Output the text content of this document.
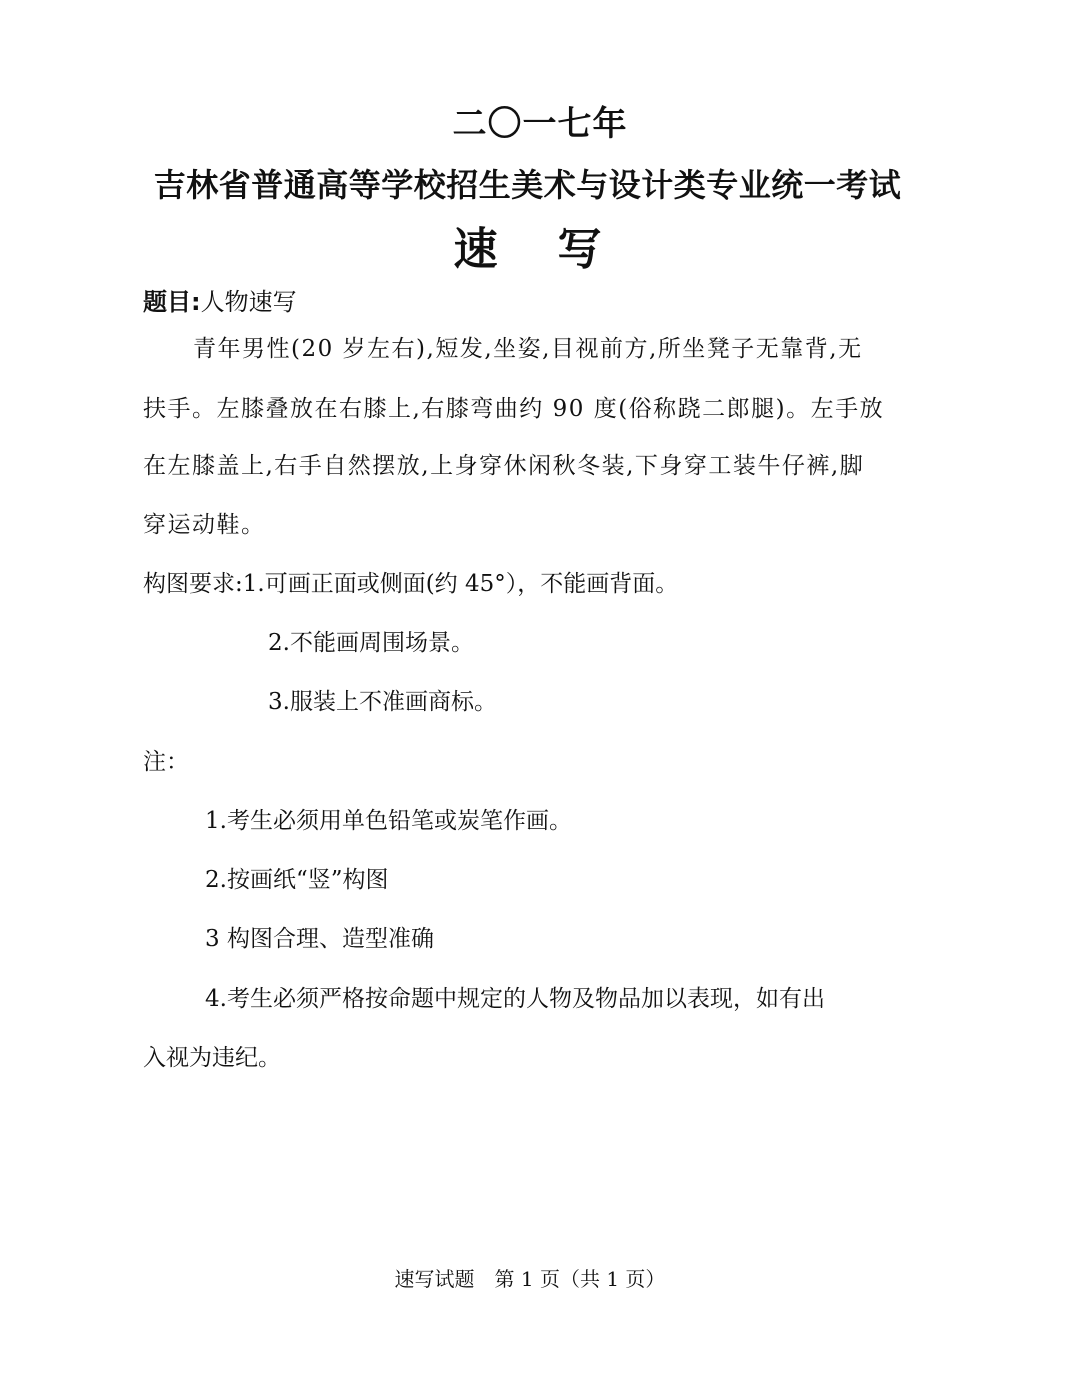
二〇一七年
吉林省普通高等学校招生美术与设计类专业统一考试
速写
题目:人物速写
青年男性(20 岁左右),短发,坐姿,目视前方,所坐凳子无靠背,无
扶手。左膝叠放在右膝上,右膝弯曲约 90 度(俗称跷二郎腿)。左手放
在左膝盖上,右手自然摆放,上身穿休闲秋冬装,下身穿工装牛仔裤,脚
穿运动鞋。
构图要求:1.可画正面或侧面(约 45°），不能画背面。
2.不能画周围场景。
3.服装上不准画商标。
注：
1.考生必须用单色铅笔或炭笔作画。
2.按画纸“竖”构图
3 构图合理、造型准确
4.考生必须严格按命题中规定的人物及物品加以表现，如有出
入视为违纪。
速写试题　第 1 页（共 1 页）
